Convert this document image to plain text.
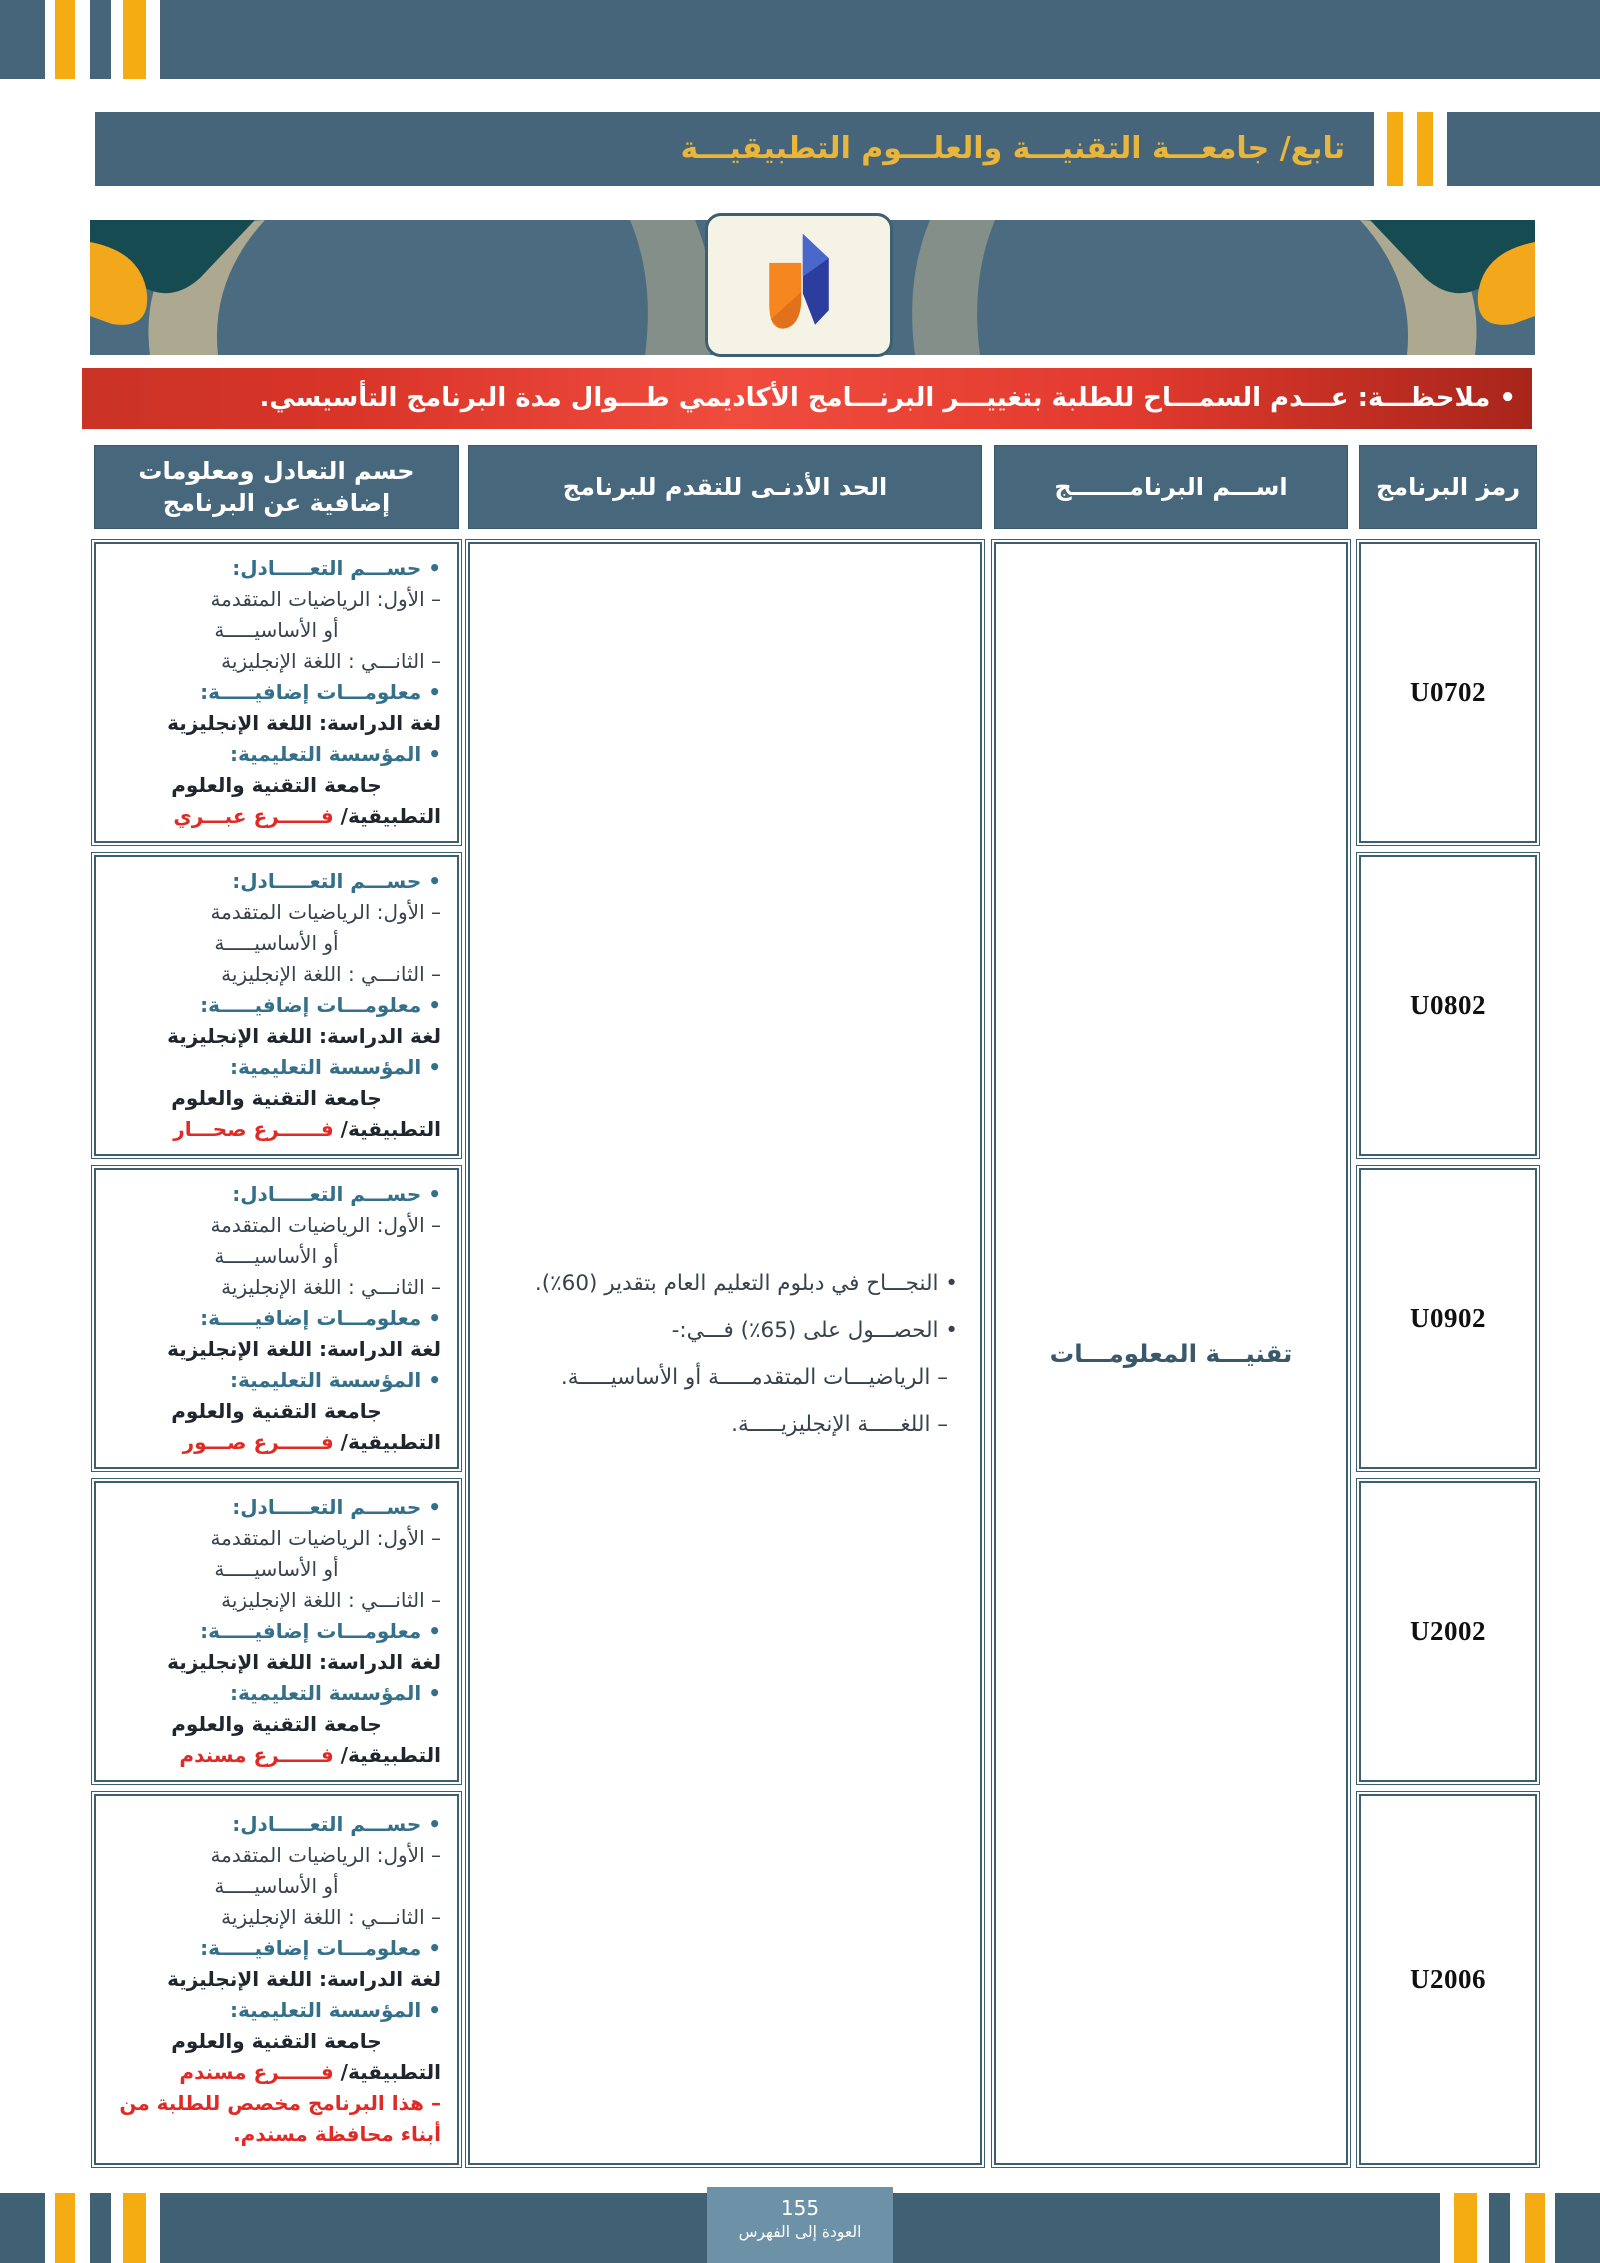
تابع/ جامعـــة التقنيـــة والعلـــوم التطبيقيـــة
• ملاحظـــة: عـــدم السمـــاح للطلبة بتغييـــر البرنـــامج الأكاديمي طـــوال مدة البرنامج التأسيسي.
رمز البرنامج
اســـم البرنامـــــــج
الحد الأدنـى للتقدم للبرنامج
حسم التعادل ومعلومات إضافية عن البرنامج
تقنيـــة المعلومـــات
• النجـــاح في دبلوم التعليم العام بتقدير (60٪).
• الحصـــول على (65٪) فـــي:-
– الرياضيـــات المتقدمـــــة أو الأساسيـــــة.
– اللغـــــة الإنجليزيـــــة.
U0702
• حســـم التعـــــادل:
– الأول: الرياضيات المتقدمة
أو الأساسيـــــة
– الثانـــي : اللغة الإنجليزية
• معلومـــات إضافيـــــة:
لغة الدراسة: اللغة الإنجليزية
• المؤسسة التعليمية:
جامعة التقنية والعلوم
التطبيقية/ فــــــرع عبـــري
U0802
• حســـم التعـــــادل:
– الأول: الرياضيات المتقدمة
أو الأساسيـــــة
– الثانـــي : اللغة الإنجليزية
• معلومـــات إضافيـــــة:
لغة الدراسة: اللغة الإنجليزية
• المؤسسة التعليمية:
جامعة التقنية والعلوم
التطبيقية/ فــــــرع صحـــار
U0902
• حســـم التعـــــادل:
– الأول: الرياضيات المتقدمة
أو الأساسيـــــة
– الثانـــي : اللغة الإنجليزية
• معلومـــات إضافيـــــة:
لغة الدراسة: اللغة الإنجليزية
• المؤسسة التعليمية:
جامعة التقنية والعلوم
التطبيقية/ فــــــرع صـــور
U2002
• حســـم التعـــــادل:
– الأول: الرياضيات المتقدمة
أو الأساسيـــــة
– الثانـــي : اللغة الإنجليزية
• معلومـــات إضافيـــــة:
لغة الدراسة: اللغة الإنجليزية
• المؤسسة التعليمية:
جامعة التقنية والعلوم
التطبيقية/ فــــــرع مسندم
U2006
• حســـم التعـــــادل:
– الأول: الرياضيات المتقدمة
أو الأساسيـــــة
– الثانـــي : اللغة الإنجليزية
• معلومـــات إضافيـــــة:
لغة الدراسة: اللغة الإنجليزية
• المؤسسة التعليمية:
جامعة التقنية والعلوم
التطبيقية/ فــــــرع مسندم
– هذا البرنامج مخصص للطلبة من أبناء محافظة مسندم.
155
العودة إلى الفهرس
